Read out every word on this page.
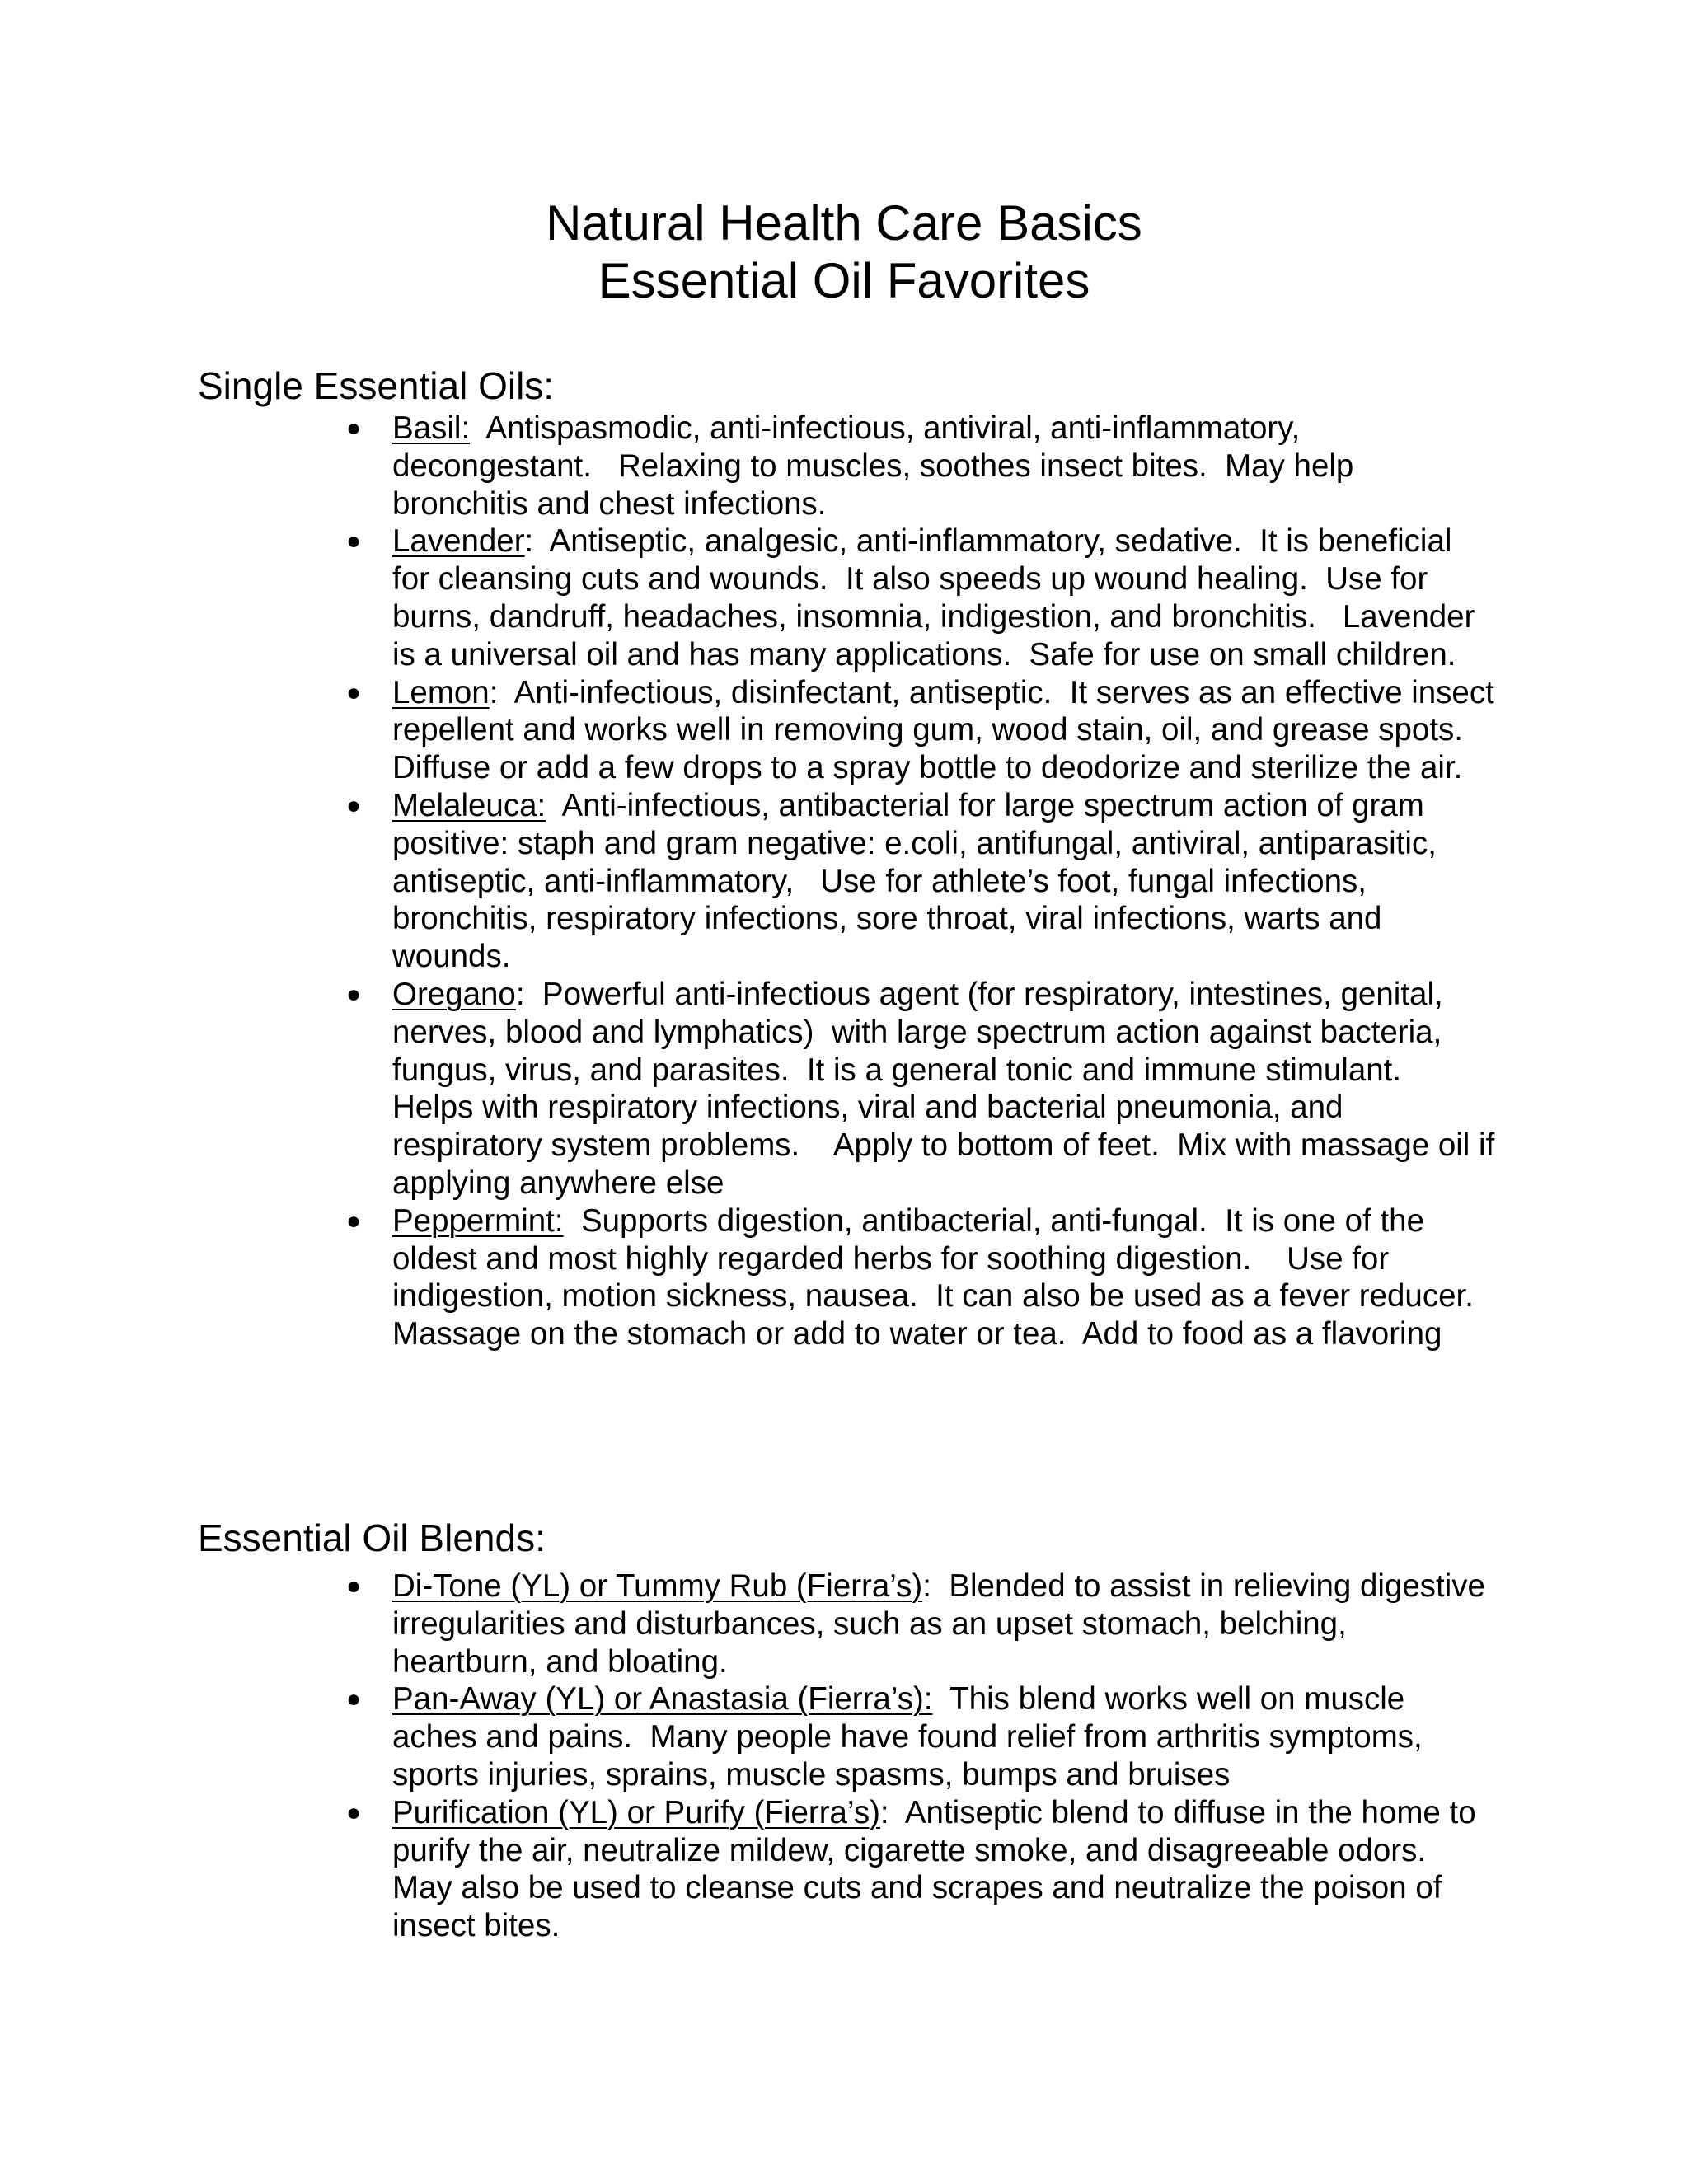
Natural Health Care Basics

Essential Oil Favorites

Single Essential Oils:
● Basil:  Antispasmodic, anti-infectious, antiviral, anti-inflammatory, decongestant.   Relaxing to muscles, soothes insect bites.  May help bronchitis and chest infections.
● Lavender:  Antiseptic, analgesic, anti-inflammatory, sedative.  It is beneficial for cleansing cuts and wounds.  It also speeds up wound healing.  Use for burns, dandruff, headaches, insomnia, indigestion, and bronchitis.   Lavender is a universal oil and has many applications.  Safe for use on small children.
● Lemon:  Anti-infectious, disinfectant, antiseptic.  It serves as an effective insect repellent and works well in removing gum, wood stain, oil, and grease spots.   Diffuse or add a few drops to a spray bottle to deodorize and sterilize the air.
● Melaleuca:  Anti-infectious, antibacterial for large spectrum action of gram positive: staph and gram negative: e.coli, antifungal, antiviral, antiparasitic, antiseptic, anti-inflammatory,   Use for athlete’s foot, fungal infections, bronchitis, respiratory infections, sore throat, viral infections, warts and wounds.
● Oregano:  Powerful anti-infectious agent (for respiratory, intestines, genital, nerves, blood and lymphatics)  with large spectrum action against bacteria, fungus, virus, and parasites.  It is a general tonic and immune stimulant.  Helps with respiratory infections, viral and bacterial pneumonia, and respiratory system problems.    Apply to bottom of feet.  Mix with massage oil if applying anywhere else
● Peppermint:  Supports digestion, antibacterial, anti-fungal.  It is one of the oldest and most highly regarded herbs for soothing digestion.    Use for indigestion, motion sickness, nausea.  It can also be used as a fever reducer.  Massage on the stomach or add to water or tea.  Add to food as a flavoring
Essential Oil Blends:
● Di-Tone (YL) or Tummy Rub (Fierra’s):  Blended to assist in relieving digestive irregularities and disturbances, such as an upset stomach, belching, heartburn, and bloating.
● Pan-Away (YL) or Anastasia (Fierra’s):  This blend works well on muscle aches and pains.  Many people have found relief from arthritis symptoms, sports injuries, sprains, muscle spasms, bumps and bruises
● Purification (YL) or Purify (Fierra’s):  Antiseptic blend to diffuse in the home to purify the air, neutralize mildew, cigarette smoke, and disagreeable odors.   May also be used to cleanse cuts and scrapes and neutralize the poison of insect bites.
